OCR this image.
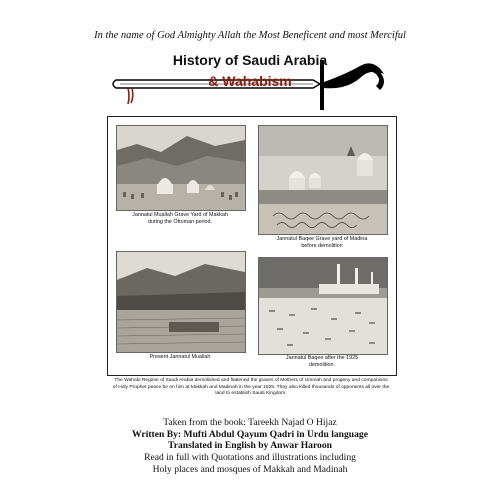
In the name of God Almighty Allah the Most Beneficent and most Merciful
History of Saudi Arabia
& Wahabism
Jannatul Muallah Grave Yard of Makkah
during the Ottoman period.
Jannatul Baqee Grave yard of Madina
before demolition
Present Jannatul Muallah	Jannatul Baqee after the 1925
demolition.
The Wahabi Regime of Saudi Arabia demolished and flattened the graves of Mothers of Ummah and progeny and companions of Holy Prophet peace be on him at Makkah and Madinah in the year 1925. They also killed thousands of opponents all over the land to establish Saudi Kingdom.
Taken from the book: Tareekh Najad O Hijaz
Written By: Mufti Abdul Qayum Qadri in Urdu language
Translated in English by Anwar Haroon
Read in full with Quotations and illustrations including
Holy places and mosques of Makkah and Madinah
